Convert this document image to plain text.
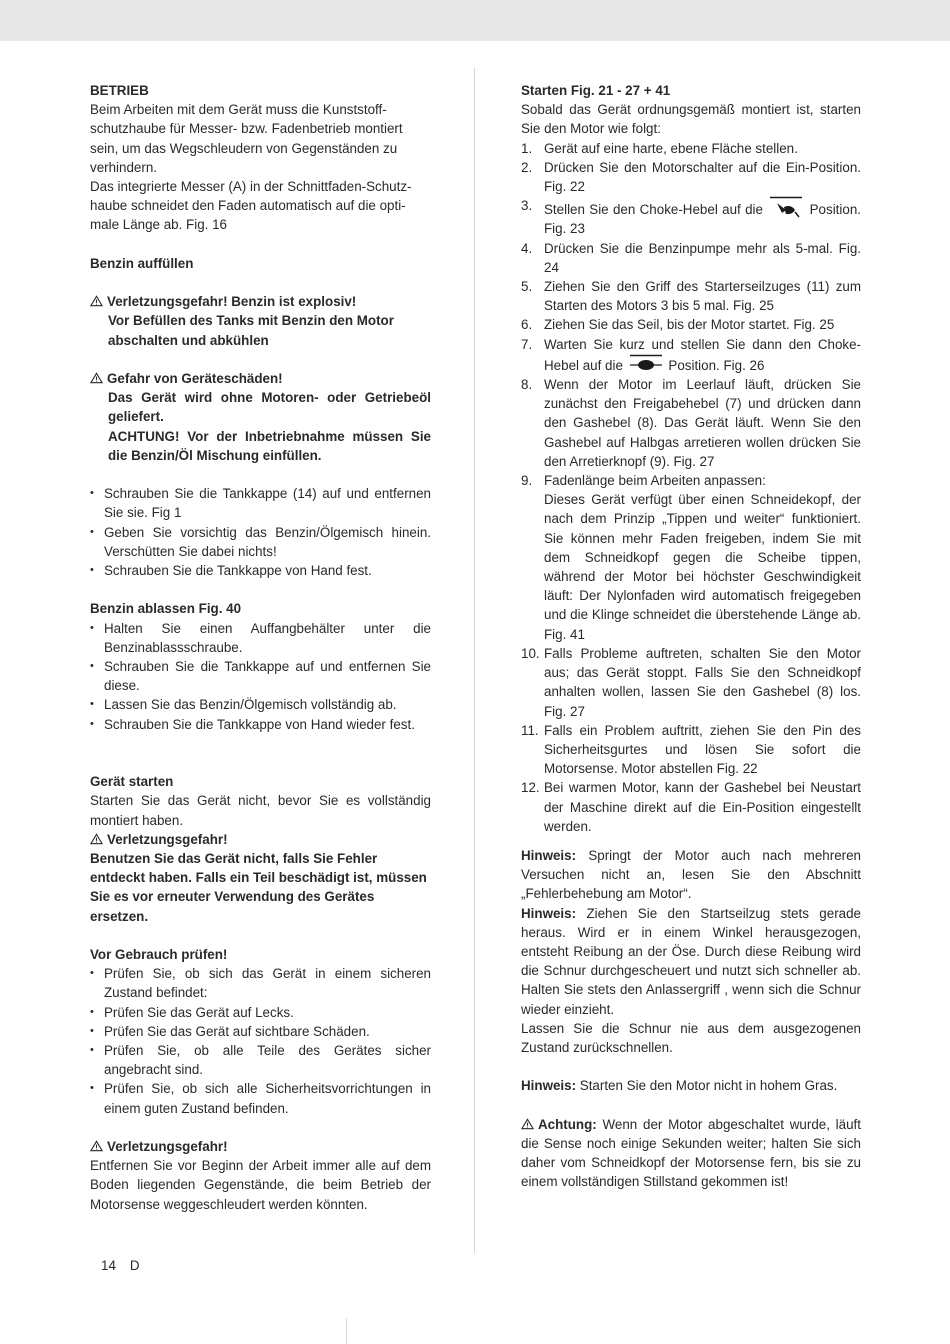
BETRIEB

Beim Arbeiten mit dem Gerät muss die Kunststoff-

schutzhaube für Messer- bzw. Fadenbetrieb montiert

sein, um das Wegschleudern von Gegenständen zu

verhindern.

Das integrierte Messer (A) in der Schnittfaden-Schutz-

haube schneidet den Faden automatisch auf die opti-

male Länge ab. Fig. 16

Benzin auffüllen

Verletzungsgefahr! Benzin ist explosiv!

Vor Befüllen des Tanks mit Benzin den Motor abschalten und abkühlen

Gefahr von Geräteschäden!

Das Gerät wird ohne Motoren- oder Getriebeöl geliefert.

ACHTUNG! Vor der Inbetriebnahme müssen Sie die Benzin/Öl Mischung einfüllen.

• Schrauben Sie die Tankkappe (14) auf und entfernen Sie sie. Fig 1
• Geben Sie vorsichtig das Benzin/Ölgemisch hinein. Verschütten Sie dabei nichts!
• Schrauben Sie die Tankkappe von Hand fest.

Benzin ablassen Fig. 40

• Halten Sie einen Auffangbehälter unter die Benzinablassschraube.
• Schrauben Sie die Tankkappe auf und entfernen Sie diese.
• Lassen Sie das Benzin/Ölgemisch vollständig ab.
• Schrauben Sie die Tankkappe von Hand wieder fest.

Gerät starten

Starten Sie das Gerät nicht, bevor Sie es vollständig montiert haben.

Verletzungsgefahr!

Benutzen Sie das Gerät nicht, falls Sie Fehler entdeckt haben. Falls ein Teil beschädigt ist, müssen Sie es vor erneuter Verwendung des Gerätes ersetzen.

Vor Gebrauch prüfen!

• Prüfen Sie, ob sich das Gerät in einem sicheren Zustand befindet:
• Prüfen Sie das Gerät auf Lecks.
• Prüfen Sie das Gerät auf sichtbare Schäden.
• Prüfen Sie, ob alle Teile des Gerätes sicher angebracht sind.
• Prüfen Sie, ob sich alle Sicherheitsvorrichtungen in einem guten Zustand befinden.

Verletzungsgefahr!

Entfernen Sie vor Beginn der Arbeit immer alle auf dem Boden liegenden Gegenstände, die beim Betrieb der Motorsense weggeschleudert werden könnten.

Starten Fig. 21 - 27 + 41

Sobald das Gerät ordnungsgemäß montiert ist, starten Sie den Motor wie folgt:

1. Gerät auf eine harte, ebene Fläche stellen.
2. Drücken Sie den Motorschalter auf die Ein-Position. Fig. 22
3. Stellen Sie den Choke-Hebel auf die	Position. Fig. 23
4. Drücken Sie die Benzinpumpe mehr als 5-mal. Fig. 24
5. Ziehen Sie den Griff des Starterseilzuges (11) zum Starten des Motors 3 bis 5 mal. Fig. 25
6. Ziehen Sie das Seil, bis der Motor startet. Fig. 25
7. Warten Sie kurz und stellen Sie dann den Choke-Hebel auf die	Position. Fig. 26
8. Wenn der Motor im Leerlauf läuft, drücken Sie zunächst den Freigabehebel (7) und drücken dann den Gashebel (8). Das Gerät läuft. Wenn Sie den Gashebel auf Halbgas arretieren wollen drücken Sie den Arretierknopf (9). Fig. 27
9. Fadenlänge beim Arbeiten anpassen:
Dieses Gerät verfügt über einen Schneidekopf, der nach dem Prinzip „Tippen und weiter“ funktioniert. Sie können mehr Faden freigeben, indem Sie mit dem Schneidkopf gegen die Scheibe tippen, während der Motor bei höchster Geschwindigkeit läuft: Der Nylonfaden wird automatisch freigegeben und die Klinge schneidet die überstehende Länge ab. Fig. 41
10. Falls Probleme auftreten, schalten Sie den Motor aus; das Gerät stoppt. Falls Sie den Schneidkopf anhalten wollen, lassen Sie den Gashebel (8) los. Fig. 27
11. Falls ein Problem auftritt, ziehen Sie den Pin des Sicherheitsgurtes und lösen Sie sofort die Motorsense. Motor abstellen Fig. 22
12. Bei warmen Motor, kann der Gashebel bei Neustart der Maschine direkt auf die Ein-Position eingestellt werden.

Hinweis: Springt der Motor auch nach mehreren Versuchen nicht an, lesen Sie den Abschnitt „Fehlerbehebung am Motor“.

Hinweis: Ziehen Sie den Startseilzug stets gerade heraus. Wird er in einem Winkel herausgezogen, entsteht Reibung an der Öse. Durch diese Reibung wird die Schnur durchgescheuert und nutzt sich schneller ab. Halten Sie stets den Anlassergriff , wenn sich die Schnur wieder einzieht.

Lassen Sie die Schnur nie aus dem ausgezogenen Zustand zurückschnellen.

Hinweis: Starten Sie den Motor nicht in hohem Gras.

Achtung: Wenn der Motor abgeschaltet wurde, läuft die Sense noch einige Sekunden weiter; halten Sie sich daher vom Schneidkopf der Motorsense fern, bis sie zu einem vollständigen Stillstand gekommen ist!

14 D
